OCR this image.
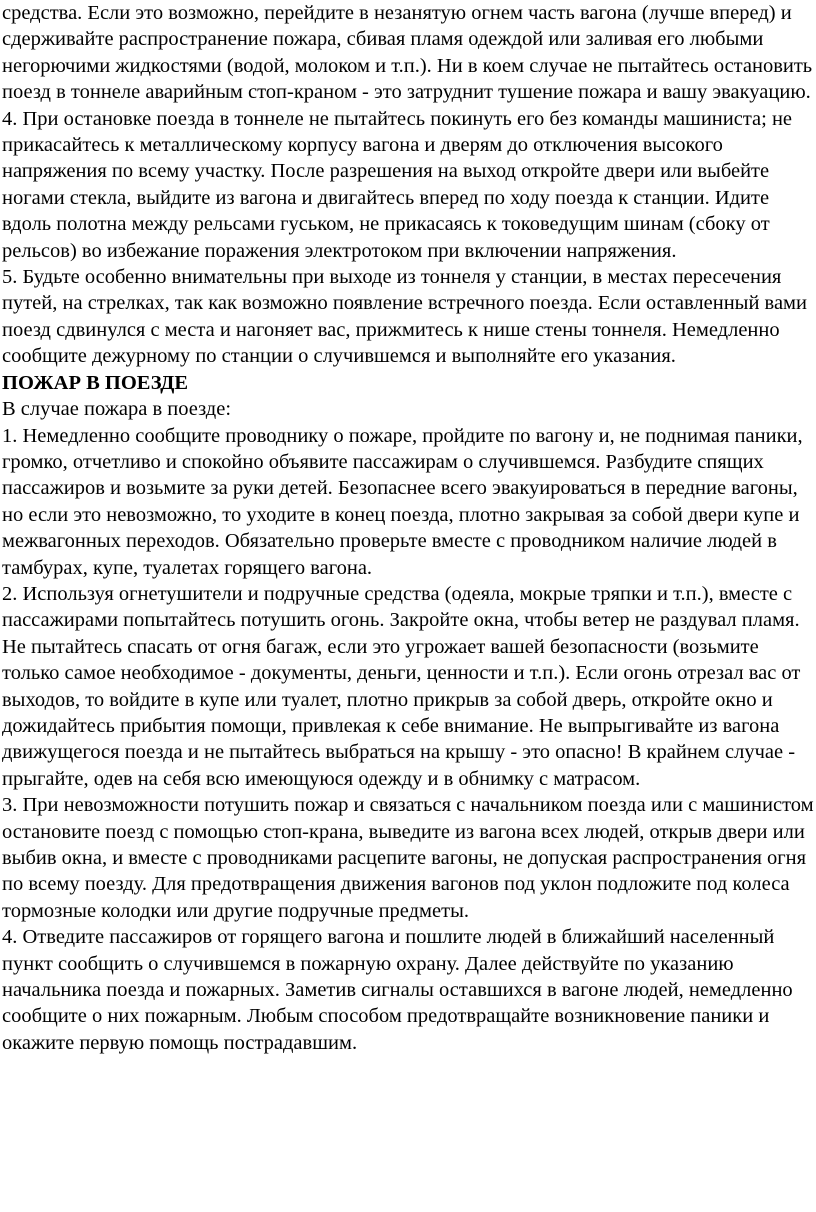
средства. Если это возможно, перейдите в незанятую огнем часть вагона (лучше вперед) и сдерживайте распространение пожара, сбивая пламя одеждой или заливая его любыми негорючими жидкостями (водой, молоком и т.п.). Ни в коем случае не пытайтесь остановить поезд в тоннеле аварийным стоп-краном - это затруднит тушение пожара и вашу эвакуацию.

4. При остановке поезда в тоннеле не пытайтесь покинуть его без команды машиниста; не прикасайтесь к металлическому корпусу вагона и дверям до отключения высокого напряжения по всему участку. После разрешения на выход откройте двери или выбейте ногами стекла, выйдите из вагона и двигайтесь вперед по ходу поезда к станции. Идите вдоль полотна между рельсами гуськом, не прикасаясь к токоведущим шинам (сбоку от рельсов) во избежание поражения электротоком при включении напряжения.

5. Будьте особенно внимательны при выходе из тоннеля у станции, в местах пересечения путей, на стрелках, так как возможно появление встречного поезда. Если оставленный вами поезд сдвинулся с места и нагоняет вас, прижмитесь к нише стены тоннеля. Немедленно сообщите дежурному по станции о случившемся и выполняйте его указания.

ПОЖАР В ПОЕЗДЕ

В случае пожара в поезде:

1. Немедленно сообщите проводнику о пожаре, пройдите по вагону и, не поднимая паники, громко, отчетливо и спокойно объявите пассажирам о случившемся. Разбудите спящих пассажиров и возьмите за руки детей. Безопаснее всего эвакуироваться в передние вагоны, но если это невозможно, то уходите в конец поезда, плотно закрывая за собой двери купе и межвагонных переходов. Обязательно проверьте вместе с проводником наличие людей в тамбурах, купе, туалетах горящего вагона.

2. Используя огнетушители и подручные средства (одеяла, мокрые тряпки и т.п.), вместе с пассажирами попытайтесь потушить огонь. Закройте окна, чтобы ветер не раздувал пламя. Не пытайтесь спасать от огня багаж, если это угрожает вашей безопасности (возьмите только самое необходимое - документы, деньги, ценности и т.п.). Если огонь отрезал вас от выходов, то войдите в купе или туалет, плотно прикрыв за собой дверь, откройте окно и дожидайтесь прибытия помощи, привлекая к себе внимание. Не выпрыгивайте из вагона движущегося поезда и не пытайтесь выбраться на крышу - это опасно! В крайнем случае - прыгайте, одев на себя всю имеющуюся одежду и в обнимку с матрасом.

3. При невозможности потушить пожар и связаться с начальником поезда или с машинистом остановите поезд с помощью стоп-крана, выведите из вагона всех людей, открыв двери или выбив окна, и вместе с проводниками расцепите вагоны, не допуская распространения огня по всему поезду. Для предотвращения движения вагонов под уклон подложите под колеса тормозные колодки или другие подручные предметы.

4. Отведите пассажиров от горящего вагона и пошлите людей в ближайший населенный пункт сообщить о случившемся в пожарную охрану. Далее действуйте по указанию начальника поезда и пожарных. Заметив сигналы оставшихся в вагоне людей, немедленно сообщите о них пожарным. Любым способом предотвращайте возникновение паники и окажите первую помощь пострадавшим.
